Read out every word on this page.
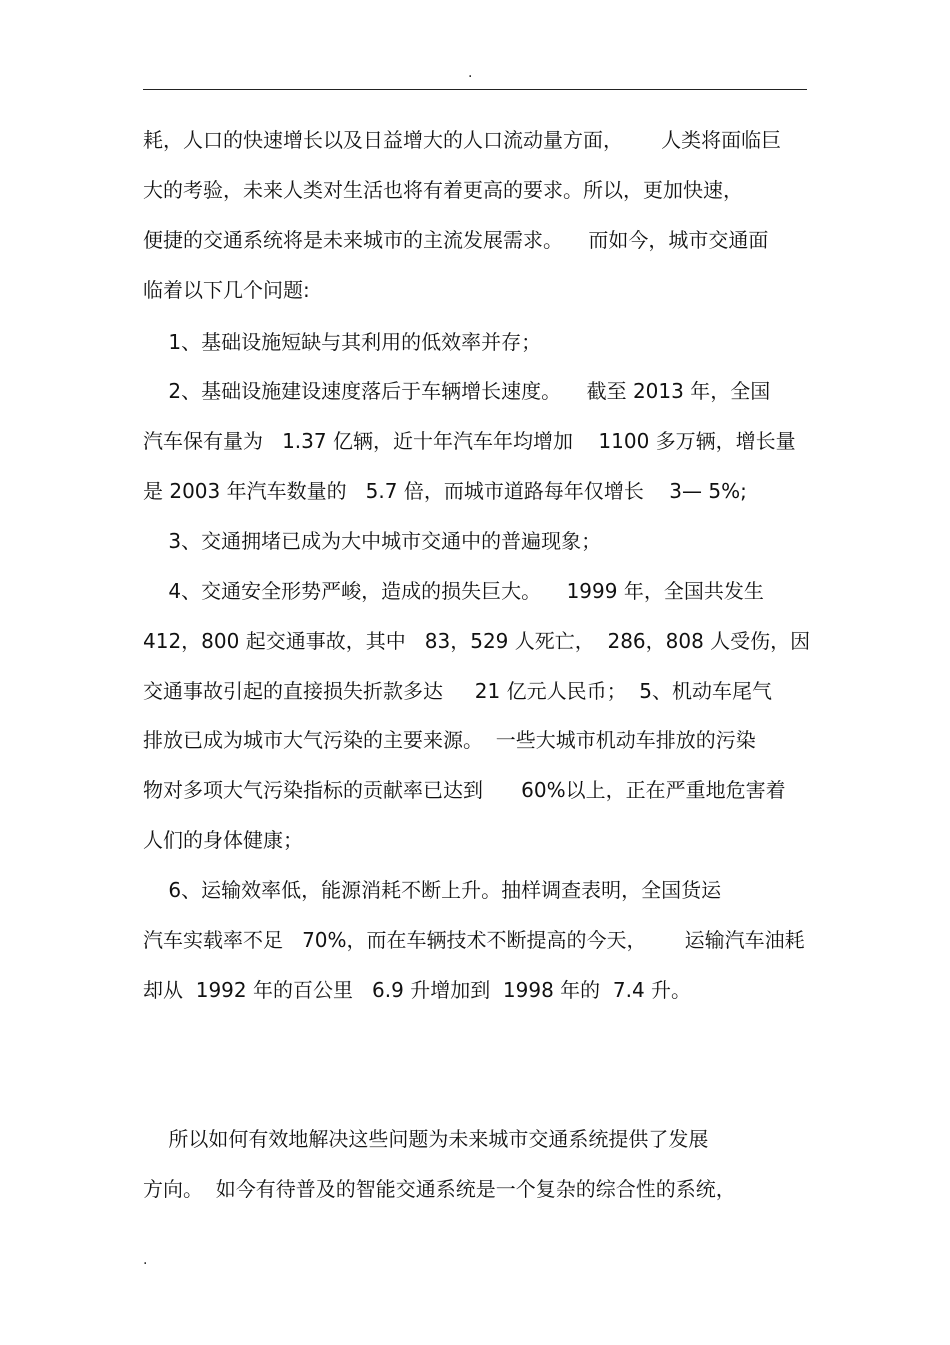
.
耗，人口的快速增长以及日益增大的人口流动量方面，      人类将面临巨
大的考验，未来人类对生活也将有着更高的要求。所以，更加快速，
便捷的交通系统将是未来城市的主流发展需求。    而如今，城市交通面
临着以下几个问题:
1、基础设施短缺与其利用的低效率并存；
2、基础设施建设速度落后于车辆增长速度。    截至 2013 年，全国
汽车保有量为   1.37 亿辆，近十年汽车年均增加    1100 多万辆，增长量
是 2003 年汽车数量的   5.7 倍，而城市道路每年仅增长    3— 5%;
3、交通拥堵已成为大中城市交通中的普遍现象；
4、交通安全形势严峻，造成的损失巨大。    1999 年，全国共发生
412，800 起交通事故，其中   83，529 人死亡，  286，808 人受伤，因
交通事故引起的直接损失折款多达     21 亿元人民币；  5、机动车尾气
排放已成为城市大气污染的主要来源。  一些大城市机动车排放的污染
物对多项大气污染指标的贡献率已达到      60%以上，正在严重地危害着
人们的身体健康；
6、运输效率低，能源消耗不断上升。抽样调查表明，全国货运
汽车实载率不足   70%，而在车辆技术不断提高的今天，      运输汽车油耗
却从  1992 年的百公里   6.9 升增加到  1998 年的  7.4 升。
所以如何有效地解决这些问题为未来城市交通系统提供了发展
方向。  如今有待普及的智能交通系统是一个复杂的综合性的系统，
.
